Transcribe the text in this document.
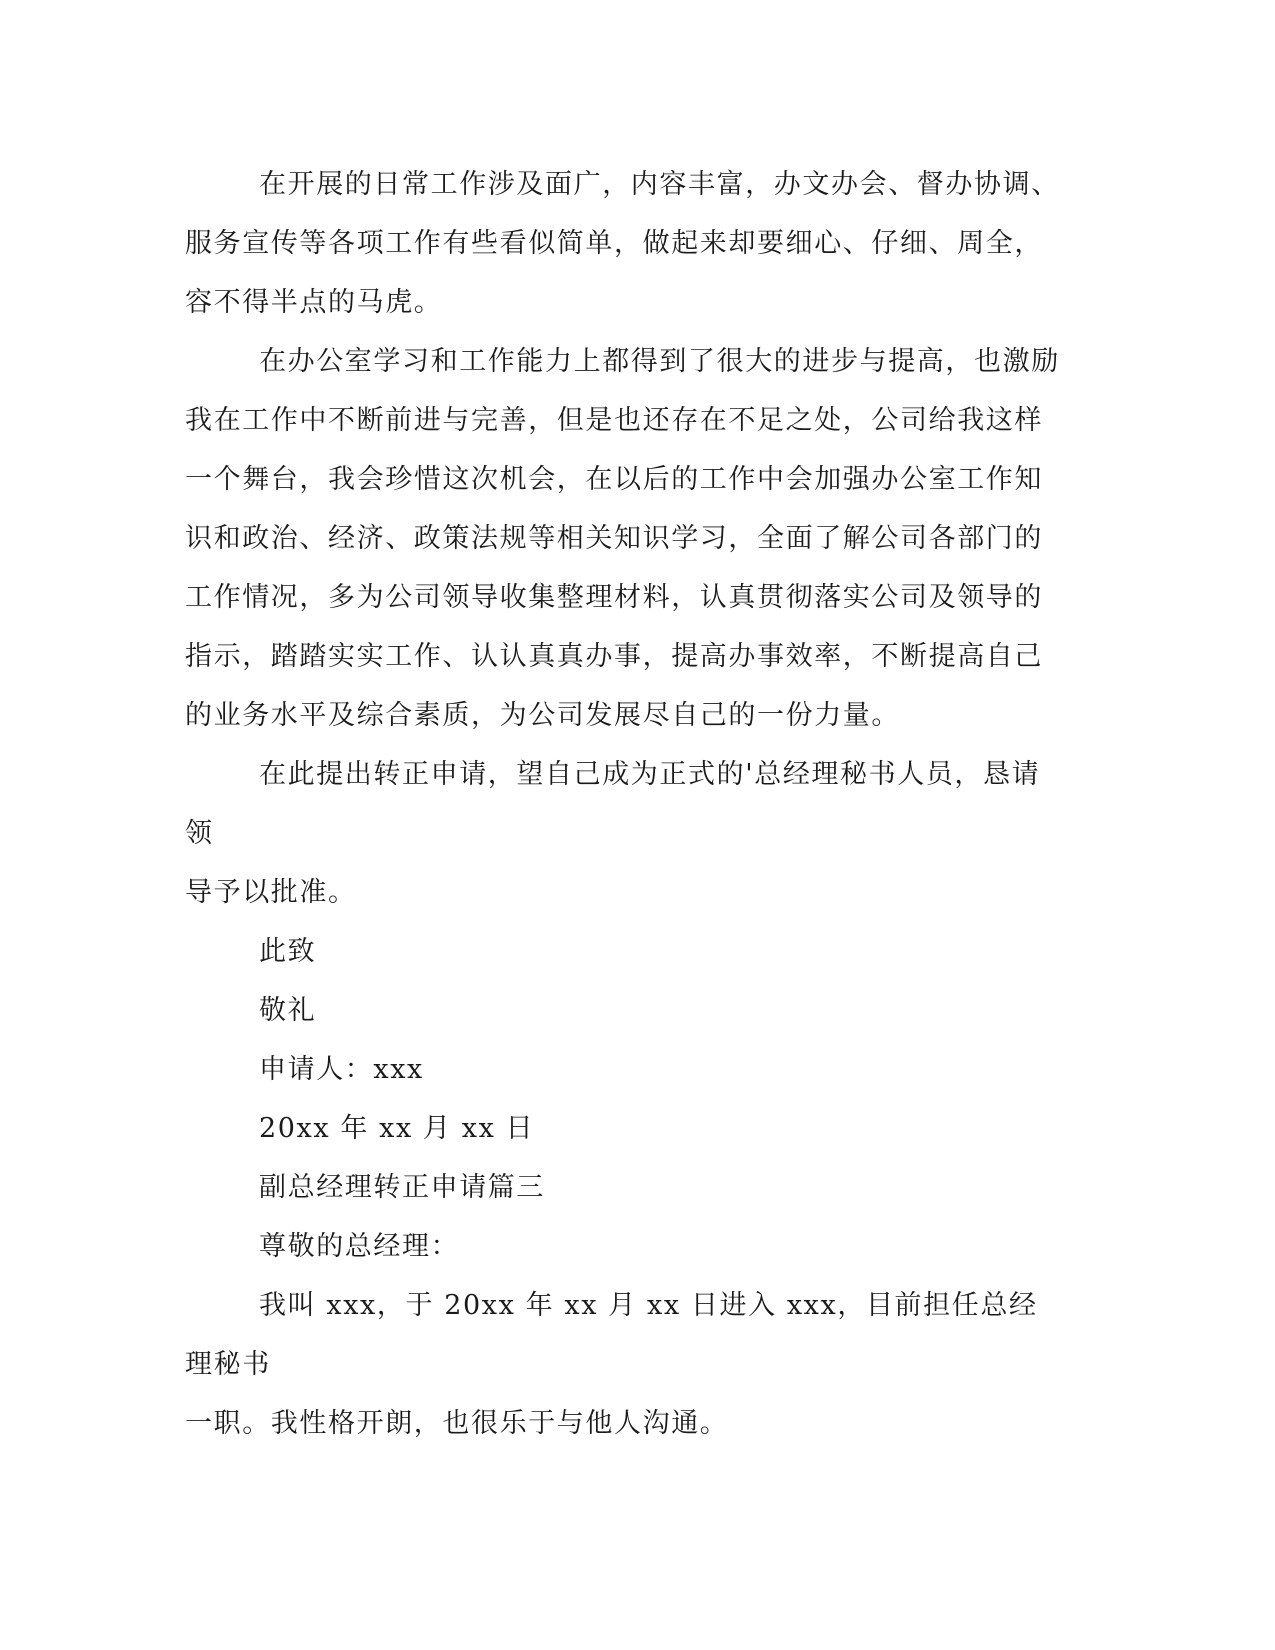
在开展的日常工作涉及面广，内容丰富，办文办会、督办协调、
服务宣传等各项工作有些看似简单，做起来却要细心、仔细、周全，
容不得半点的马虎。

在办公室学习和工作能力上都得到了很大的进步与提高，也激励
我在工作中不断前进与完善，但是也还存在不足之处，公司给我这样
一个舞台，我会珍惜这次机会，在以后的工作中会加强办公室工作知
识和政治、经济、政策法规等相关知识学习，全面了解公司各部门的
工作情况，多为公司领导收集整理材料，认真贯彻落实公司及领导的
指示，踏踏实实工作、认认真真办事，提高办事效率，不断提高自己
的业务水平及综合素质，为公司发展尽自己的一份力量。

在此提出转正申请，望自己成为正式的'总经理秘书人员，恳请领
导予以批准。

此致

敬礼

申请人：xxx

20xx 年 xx 月 xx 日

副总经理转正申请篇三

尊敬的总经理：

我叫 xxx，于 20xx 年 xx 月 xx 日进入 xxx，目前担任总经理秘书
一职。我性格开朗，也很乐于与他人沟通。
